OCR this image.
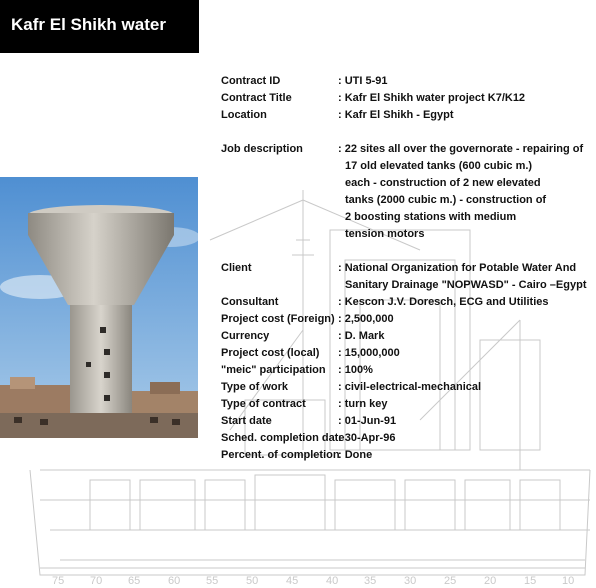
75 70 65	60 55	50	45	40 35	30	25	20	15 10
Kafr El Shikh water
Contract ID	: UTI 5-91
Contract Title	: Kafr El Shikh water project K7/K12
Location	: Kafr El Shikh - Egypt
Job description	: 22 sites all over the governorate - repairing of
17 old elevated tanks (600 cubic m.)
each - construction of 2 new elevated
tanks (2000 cubic m.) - construction of
2 boosting stations with medium
tension motors
Client	: National Organization for Potable Water And
Sanitary Drainage "NOPWASD" - Cairo –Egypt
Consultant	: Kescon J.V. Doresch, ECG and Utilities
Project cost (Foreign) : 2,500,000
Currency	: D. Mark
Project cost (local) : 15,000,000
"meic" participation : 100%
Type of work	: civil-electrical-mechanical
Type of contract	: turn key
Start date	: 01-Jun-91
Sched. completion date
: 30-Apr-96
Percent. of completion
: Done
